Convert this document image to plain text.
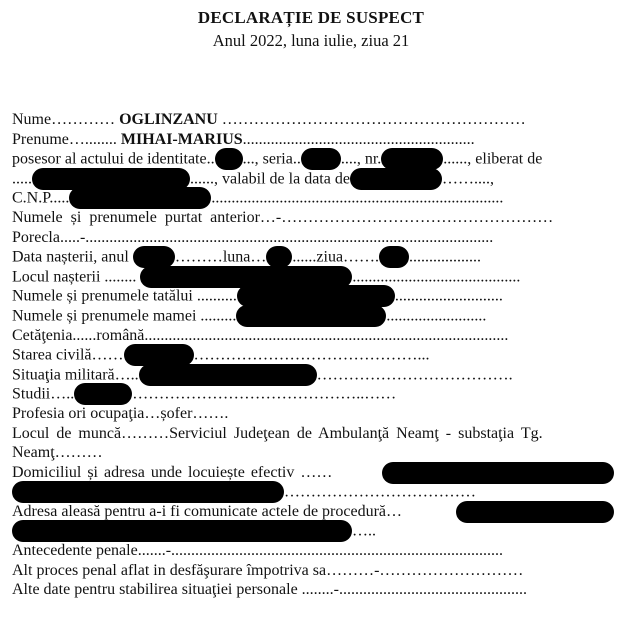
DECLARAȚIE DE SUSPECT
Anul 2022, luna iulie, ziua 21
Nume………… OGLINZANU …………………………………………………
Prenume…........ MIHAI-MARIUS..........................................................
posesor al actului de identitate.. ..., seria..	...., nr.	......, eliberat de
.....	......, valabil de la data de	……....,
C.N.P.....	.........................................................................
Numele și prenumele purtat anterior…-……………………………………………
Porecla.....-......................................................................................................
Data nașterii, anul	………luna… ......ziua……. ..................
Locul nașterii ........	..........................................
Numele și prenumele tatălui ..........	...........................
Numele și prenumele mamei .........	.........................
Cetăţenia......română...........................................................................................
Starea civilă……	……………………………………...
Situaţia militară…..	……………………………….
Studii…..	……………………………………..……
Profesia ori ocupaţia…șofer…….
Locul de muncă………Serviciul Judeţean de Ambulanţă Neamţ - substaţia Tg.
Neamţ………
Domiciliul și adresa unde locuiește efectiv ……
………………………………
Adresa aleasă pentru a-i fi comunicate actele de procedură…
…..
Antecedente penale.......-...................................................................................
Alt proces penal aflat in desfăşurare împotriva sa………-………………………
Alte date pentru stabilirea situaţiei personale ........-...............................................
